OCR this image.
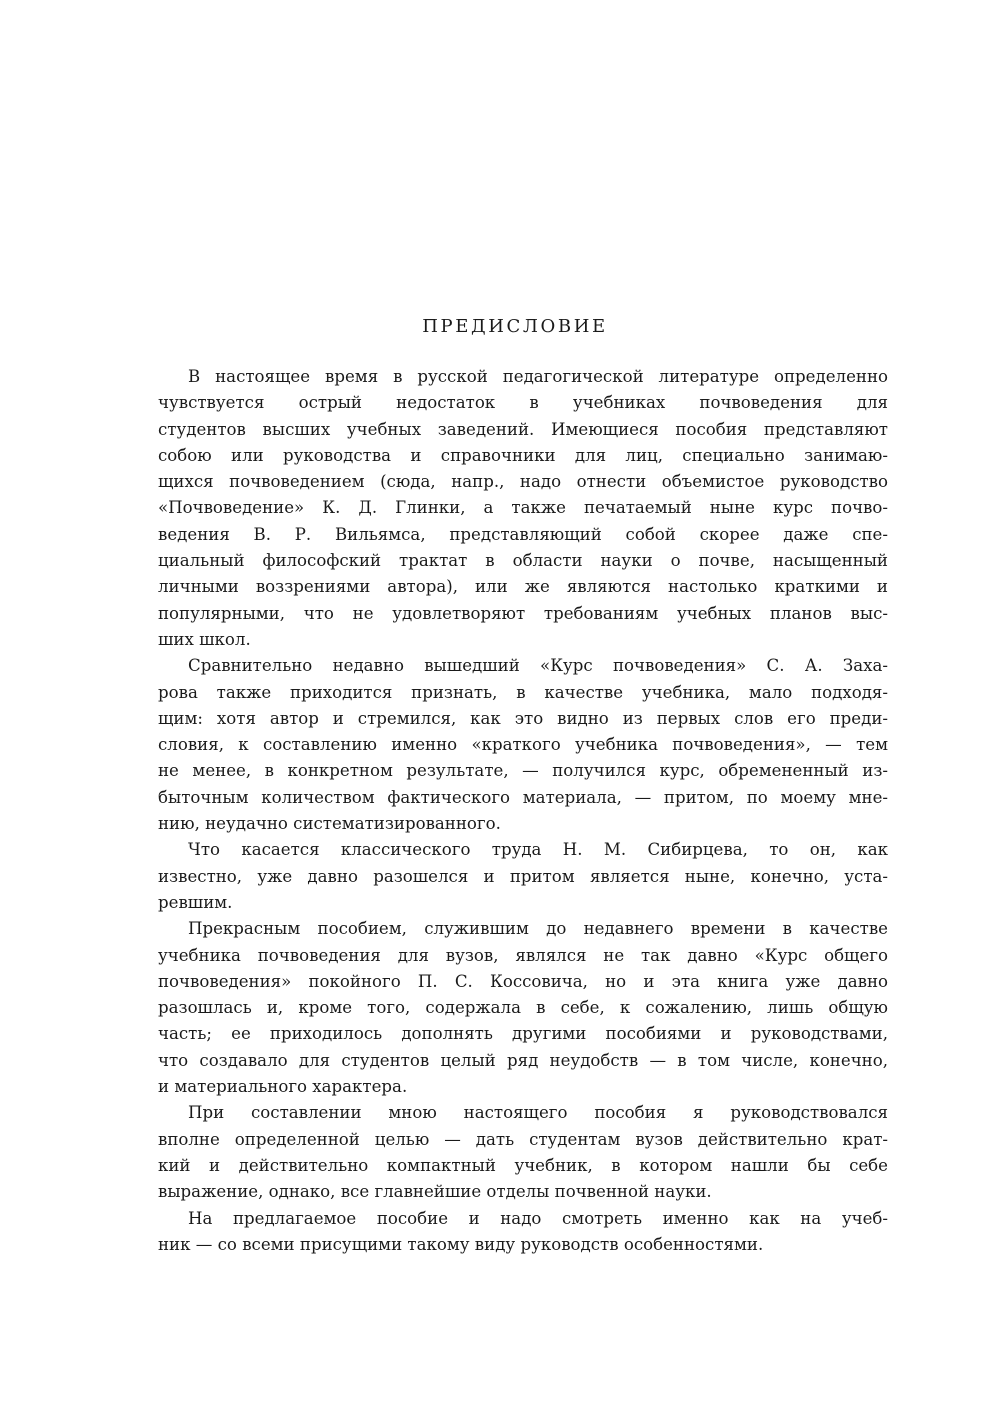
ПРЕДИСЛОВИЕ
В настоящее время в русской педагогической литературе определенно
чувствуется острый недостаток в учебниках почвоведения для
студентов высших учебных заведений. Имеющиеся пособия представляют
собою или руководства и справочники для лиц, специально занимаю-
щихся почвоведением (сюда, напр., надо отнести объемистое руководство
«Почвоведение» К. Д. Глинки, а также печатаемый ныне курс почво-
ведения В. Р. Вильямса, представляющий собой скорее даже спе-
циальный философский трактат в области науки о почве, насыщенный
личными воззрениями автора), или же являются настолько краткими и
популярными, что не удовлетворяют требованиям учебных планов выс-
ших школ.
Сравнительно недавно вышедший «Курс почвоведения» С. А. Заха-
рова также приходится признать, в качестве учебника, мало подходя-
щим: хотя автор и стремился, как это видно из первых слов его преди-
словия, к составлению именно «краткого учебника почвоведения», — тем
не менее, в конкретном результате, — получился курс, обремененный из-
быточным количеством фактического материала, — притом, по моему мне-
нию, неудачно систематизированного.
Что касается классического труда Н. М. Сибирцева, то он, как
известно, уже давно разошелся и притом является ныне, конечно, уста-
ревшим.
Прекрасным пособием, служившим до недавнего времени в качестве
учебника почвоведения для вузов, являлся не так давно «Курс общего
почвоведения» покойного П. С. Коссовича, но и эта книга уже давно
разошлась и, кроме того, содержала в себе, к сожалению, лишь общую
часть; ее приходилось дополнять другими пособиями и руководствами,
что создавало для студентов целый ряд неудобств — в том числе, конечно,
и материального характера.
При составлении мною настоящего пособия я руководствовался
вполне определенной целью — дать студентам вузов действительно крат-
кий и действительно компактный учебник, в котором нашли бы себе
выражение, однако, все главнейшие отделы почвенной науки.
На предлагаемое пособие и надо смотреть именно как на учеб-
ник — со всеми присущими такому виду руководств особенностями.
